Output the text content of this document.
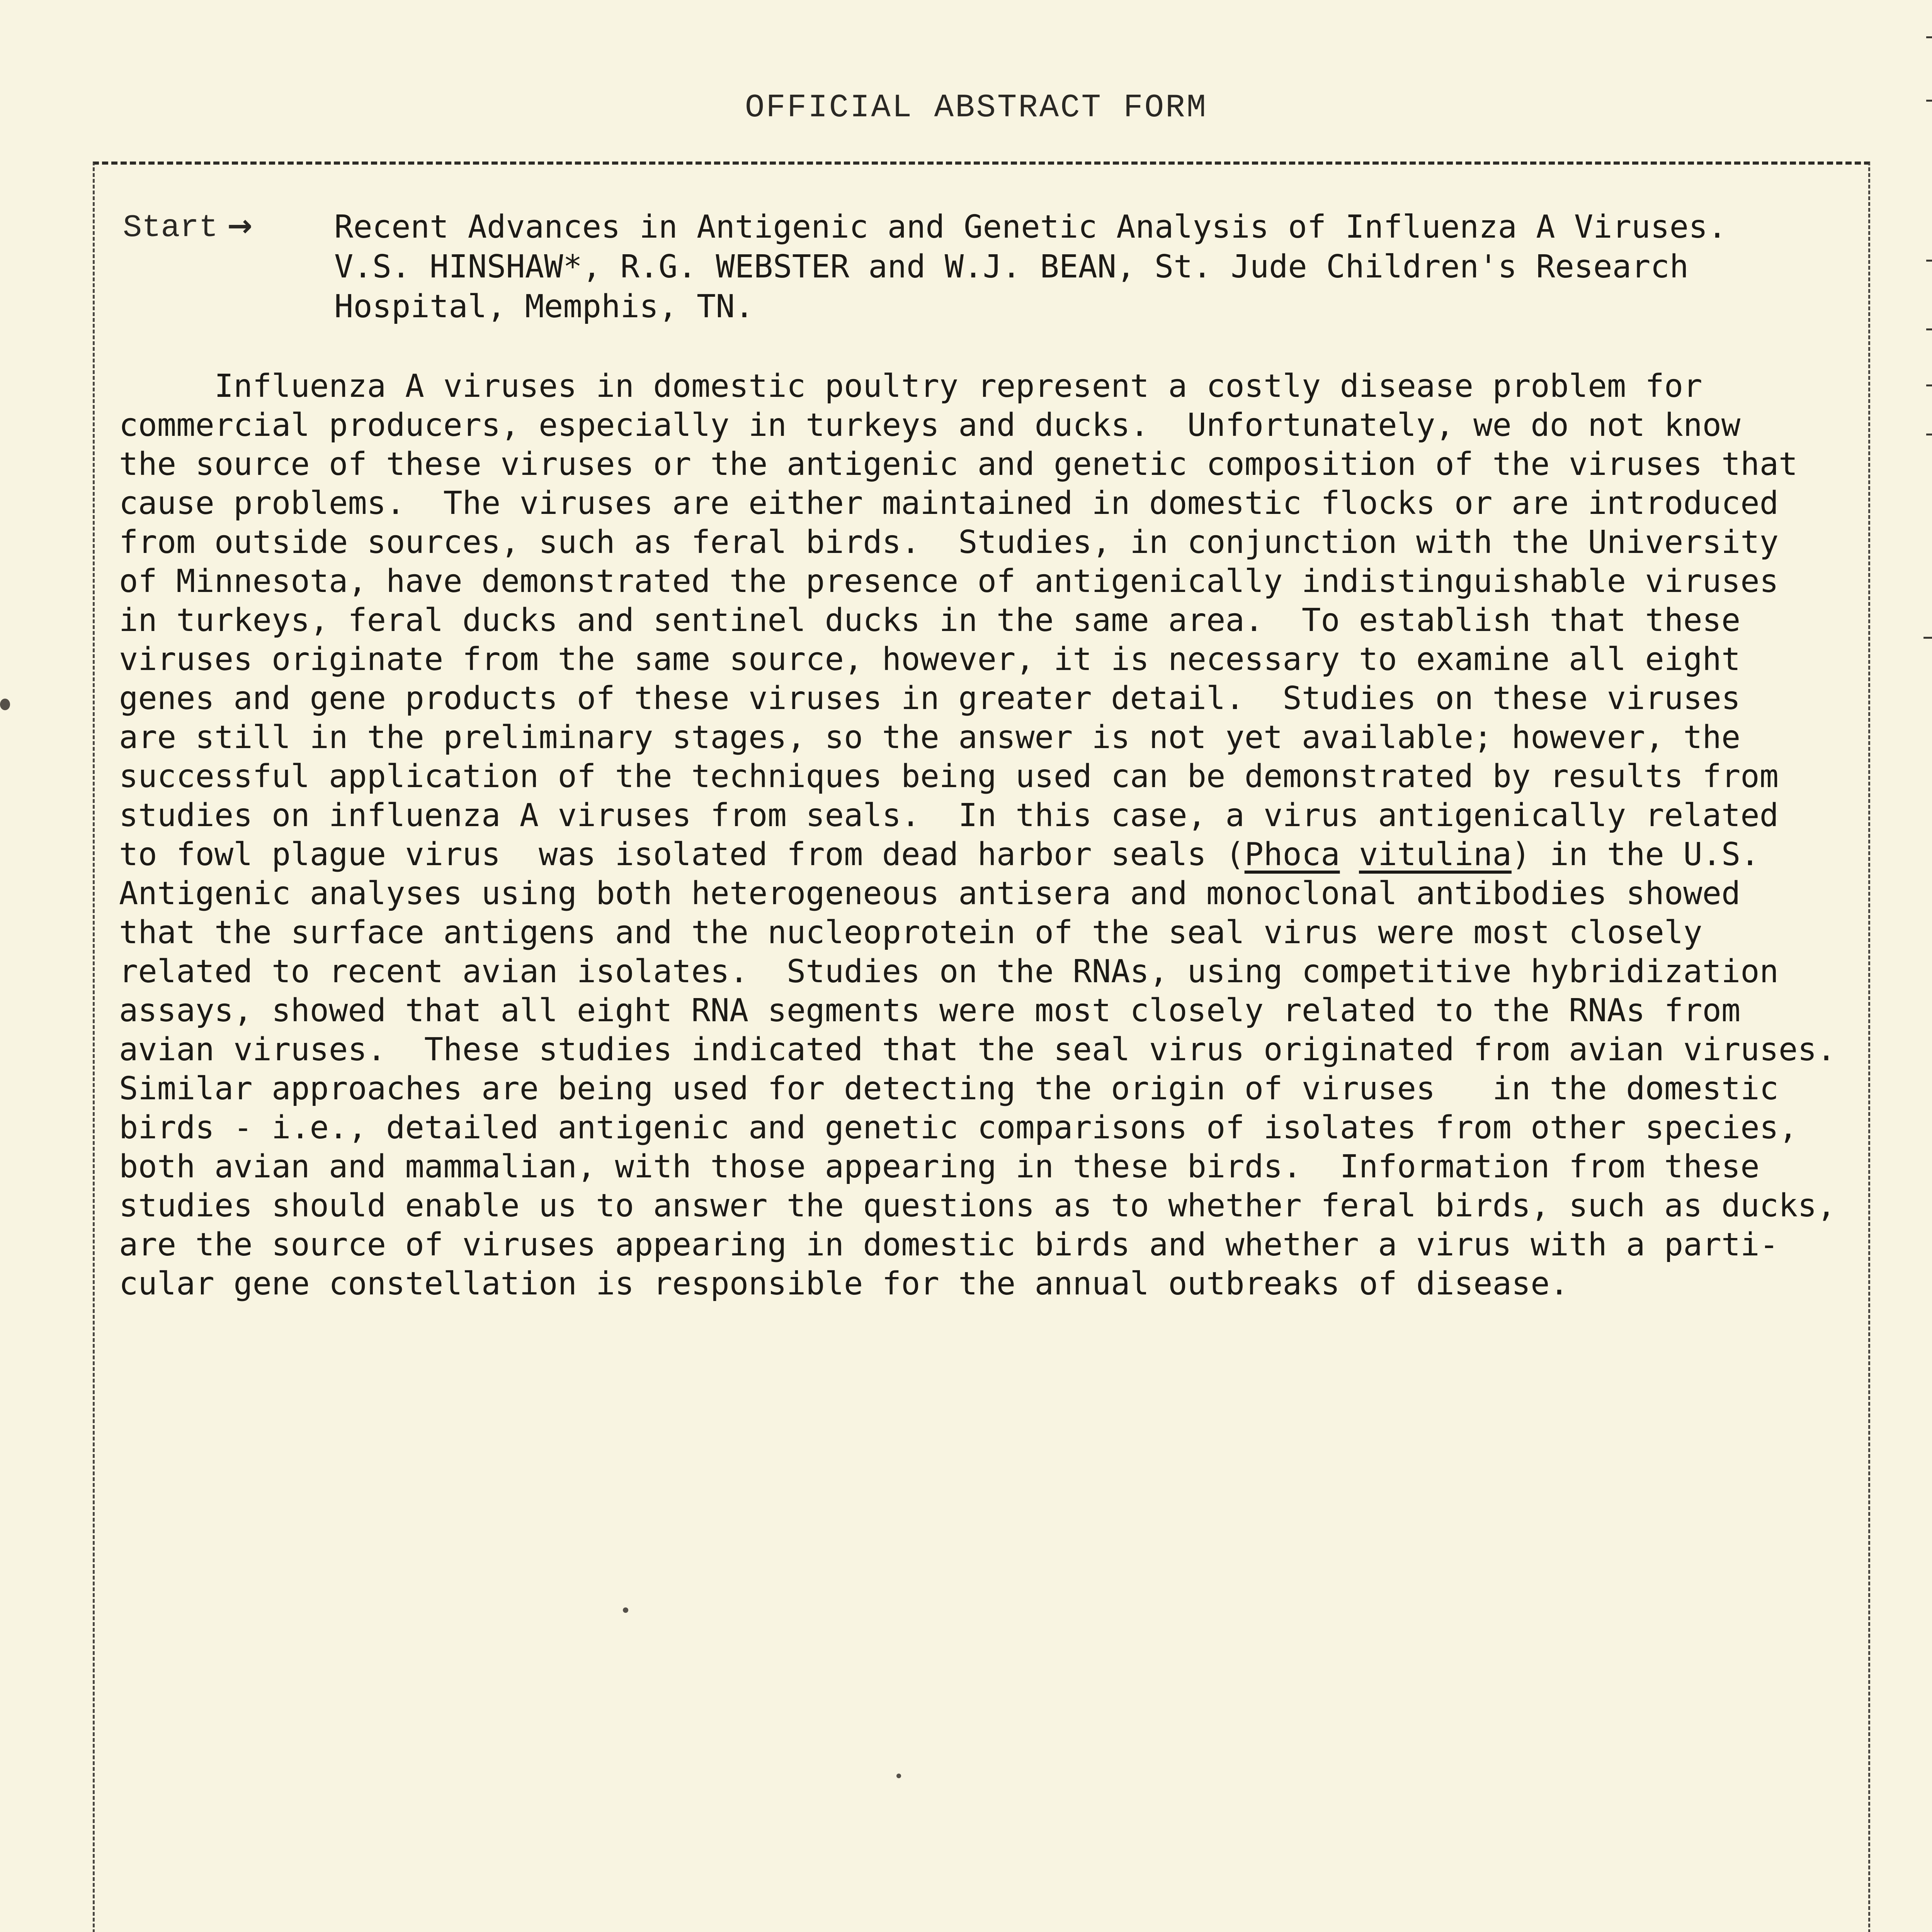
OFFICIAL ABSTRACT FORM
Start →	Recent Advances in Antigenic and Genetic Analysis of Influenza A Viruses.

V.S. HINSHAW*, R.G. WEBSTER and W.J. BEAN, St. Jude Children's Research

Hospital, Memphis, TN.

Influenza A viruses in domestic poultry represent a costly disease problem for

commercial producers, especially in turkeys and ducks.  Unfortunately, we do not know

the source of these viruses or the antigenic and genetic composition of the viruses that

cause problems.  The viruses are either maintained in domestic flocks or are introduced

from outside sources, such as feral birds.  Studies, in conjunction with the University

of Minnesota, have demonstrated the presence of antigenically indistinguishable viruses

in turkeys, feral ducks and sentinel ducks in the same area.  To establish that these

viruses originate from the same source, however, it is necessary to examine all eight

genes and gene products of these viruses in greater detail.  Studies on these viruses

are still in the preliminary stages, so the answer is not yet available; however, the

successful application of the techniques being used can be demonstrated by results from

studies on influenza A viruses from seals.  In this case, a virus antigenically related

to fowl plague virus  was isolated from dead harbor seals (Phoca vitulina) in the U.S.

Antigenic analyses using both heterogeneous antisera and monoclonal antibodies showed

that the surface antigens and the nucleoprotein of the seal virus were most closely

related to recent avian isolates.  Studies on the RNAs, using competitive hybridization

assays, showed that all eight RNA segments were most closely related to the RNAs from

avian viruses.  These studies indicated that the seal virus originated from avian viruses.

Similar approaches are being used for detecting the origin of viruses   in the domestic

birds - i.e., detailed antigenic and genetic comparisons of isolates from other species,

both avian and mammalian, with those appearing in these birds.  Information from these

studies should enable us to answer the questions as to whether feral birds, such as ducks,

are the source of viruses appearing in domestic birds and whether a virus with a parti-

cular gene constellation is responsible for the annual outbreaks of disease.
